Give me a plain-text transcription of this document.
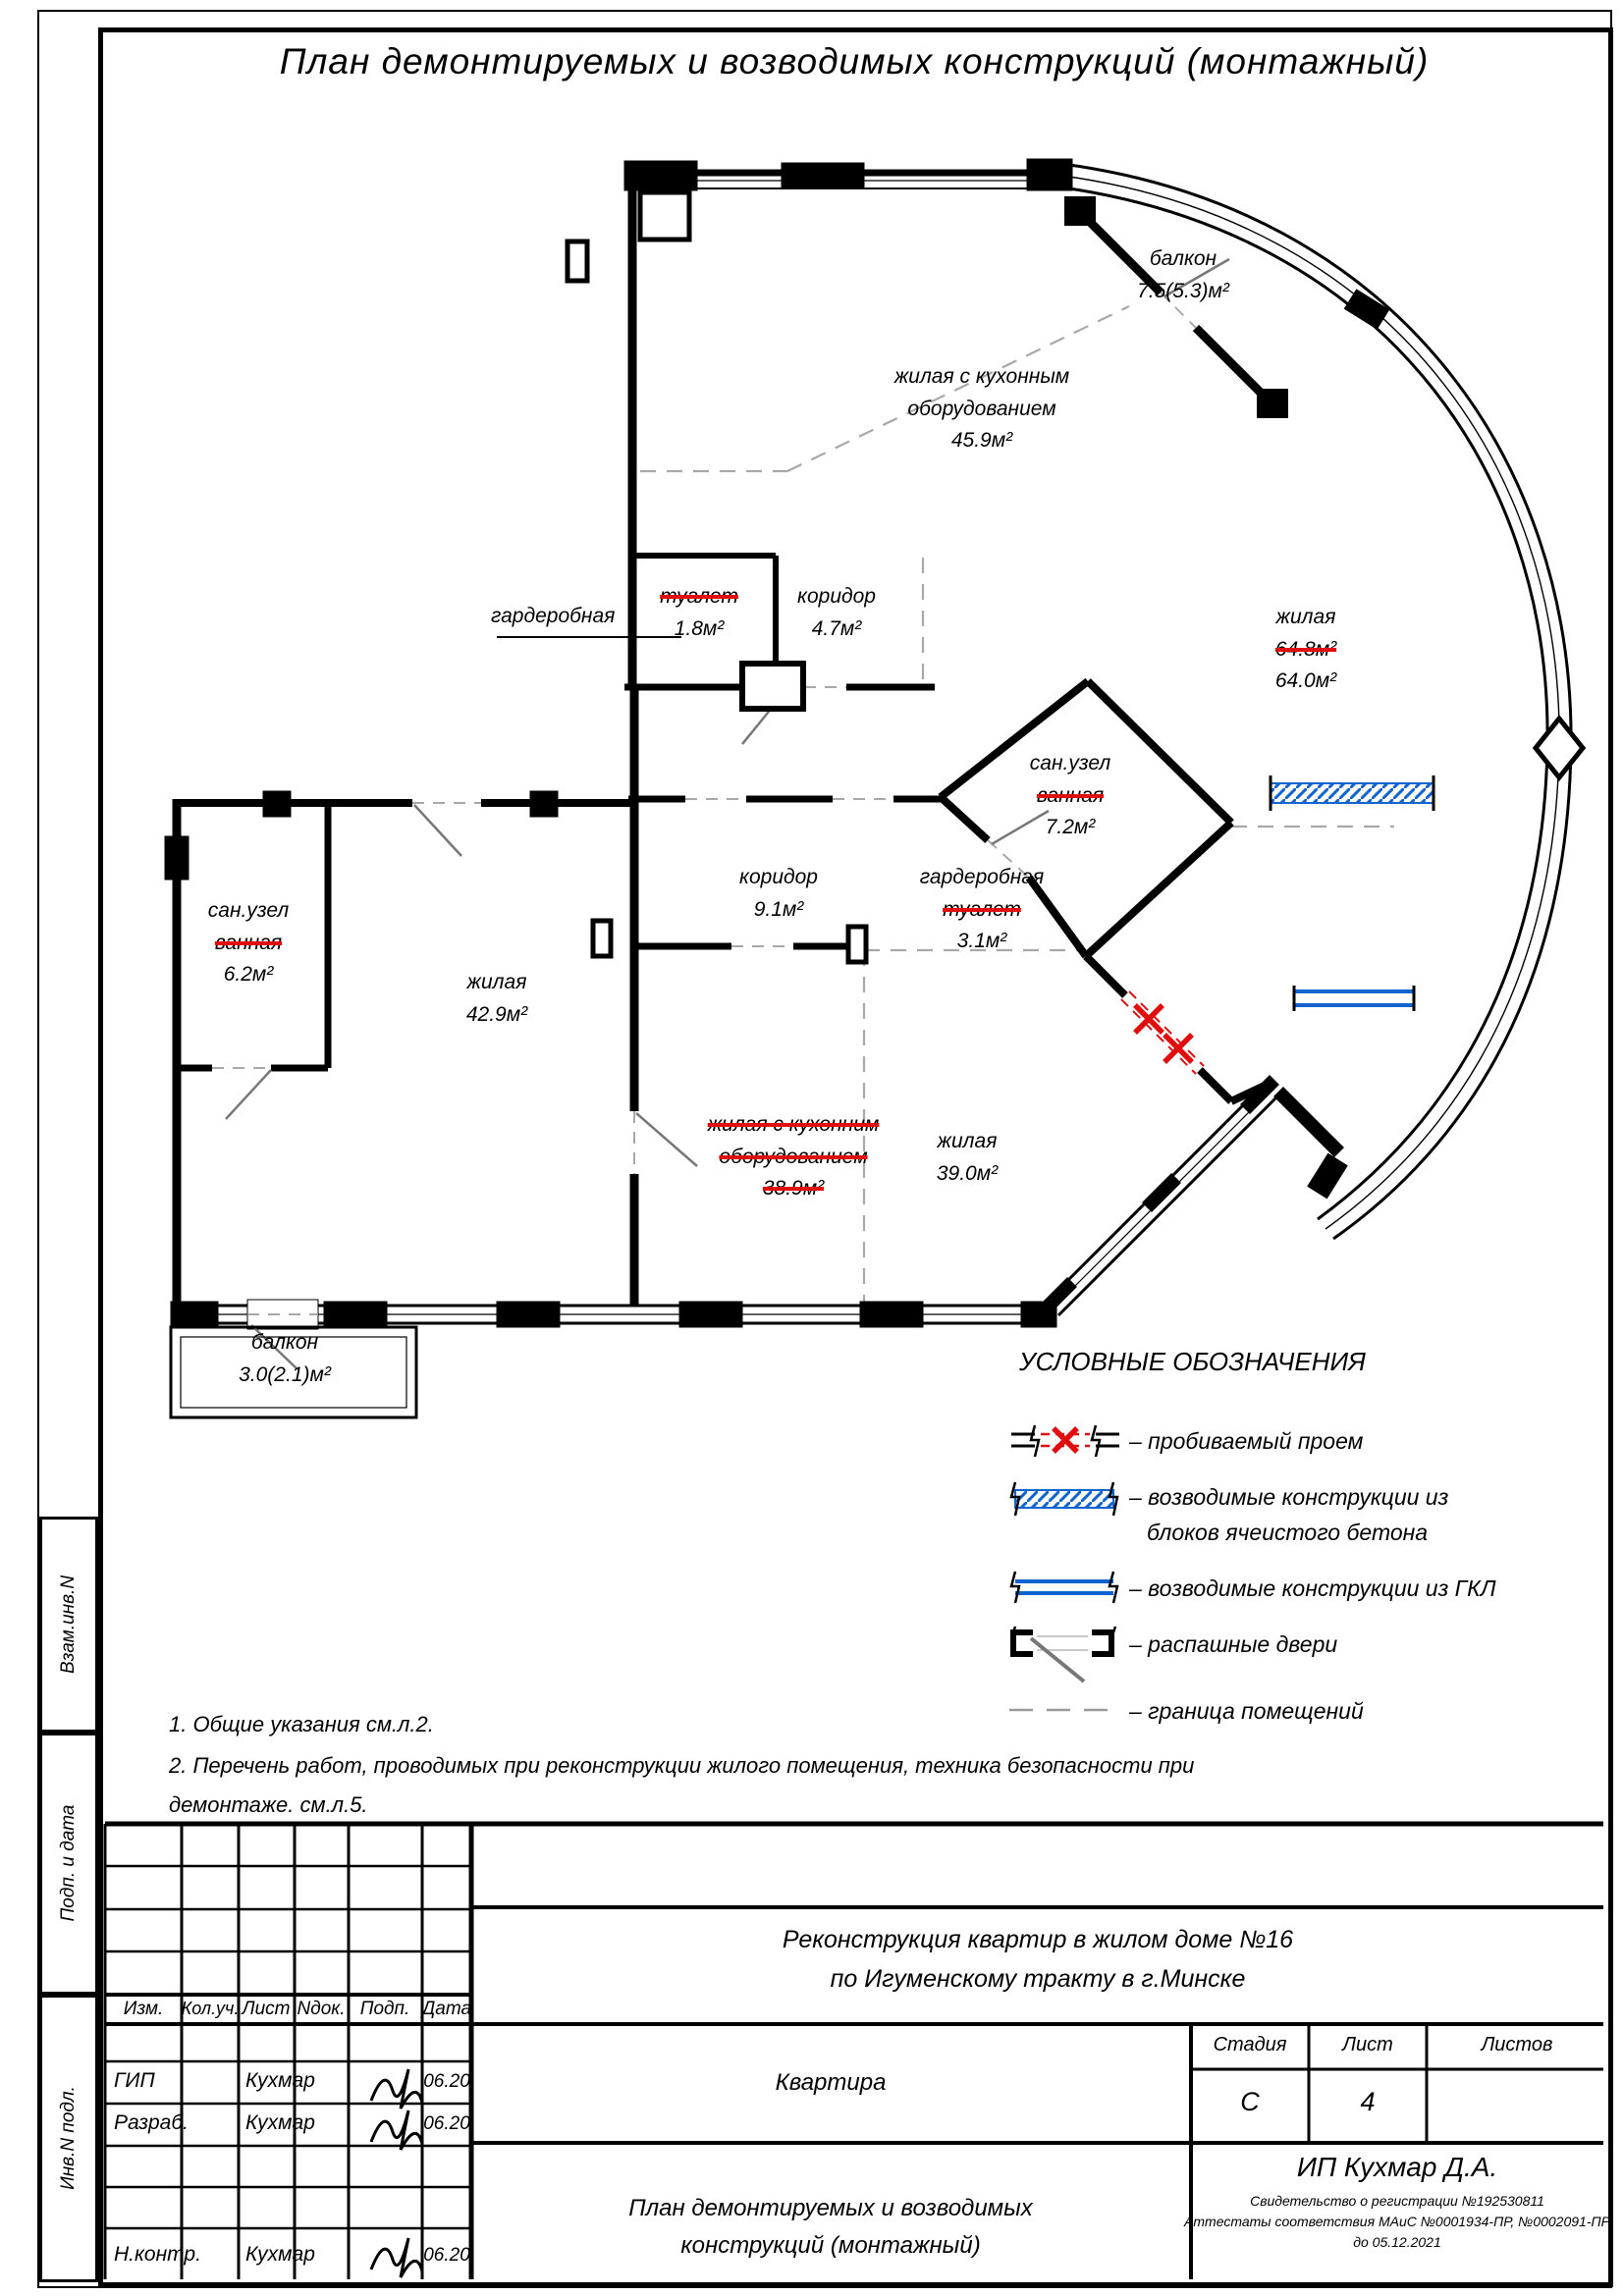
План демонтируемых и возводимых конструкций (монтажный)
балкон
7.5(5.3)м²
жилая с кухонным
оборудованием
45.9м²
гардеробная
туалет
1.8м²
коридор
4.7м²
жилая
64.8м²
64.0м²
сан.узел
ванная
7.2м²
коридор
9.1м²
гардеробная
туалет
3.1м²
сан.узел
ванная
6.2м²	жилая
42.9м²
жилая с кухонним
оборудованием
38.9м²
жилая
39.0м²
балкон
3.0(2.1)м²	УСЛОВНЫЕ ОБОЗНАЧЕНИЯ
– пробиваемый проем
– возводимые конструкции из
блоков ячеистого бетона
– возводимые конструкции из ГКЛ
– распашные двери
– граница помещений
1. Общие указания см.л.2.
2. Перечень работ, проводимых при реконструкции жилого помещения, техника безопасности при
демонтаже. см.л.5.
Изм. Кол.уч. Лист Nдок. Подп. Дата
ГИП	Кухмар	06.20
Разраб.	Кухмар	06.20
Н.контр. Кухмар	06.20
Реконструкция квартир в жилом доме №16
по Игуменскому тракту в г.Минске
Квартира
Стадия	Лист	Листов
С	4
План демонтируемых и возводимых
конструкций (монтажный)
ИП Кухмар Д.А.
Свидетельство о регистрации №192530811
Аттестаты соответствия МАиС №0001934-ПР, №0002091-ПР
до 05.12.2021
Взам.инв.N
Подп. и дата
Инв.N подл.
